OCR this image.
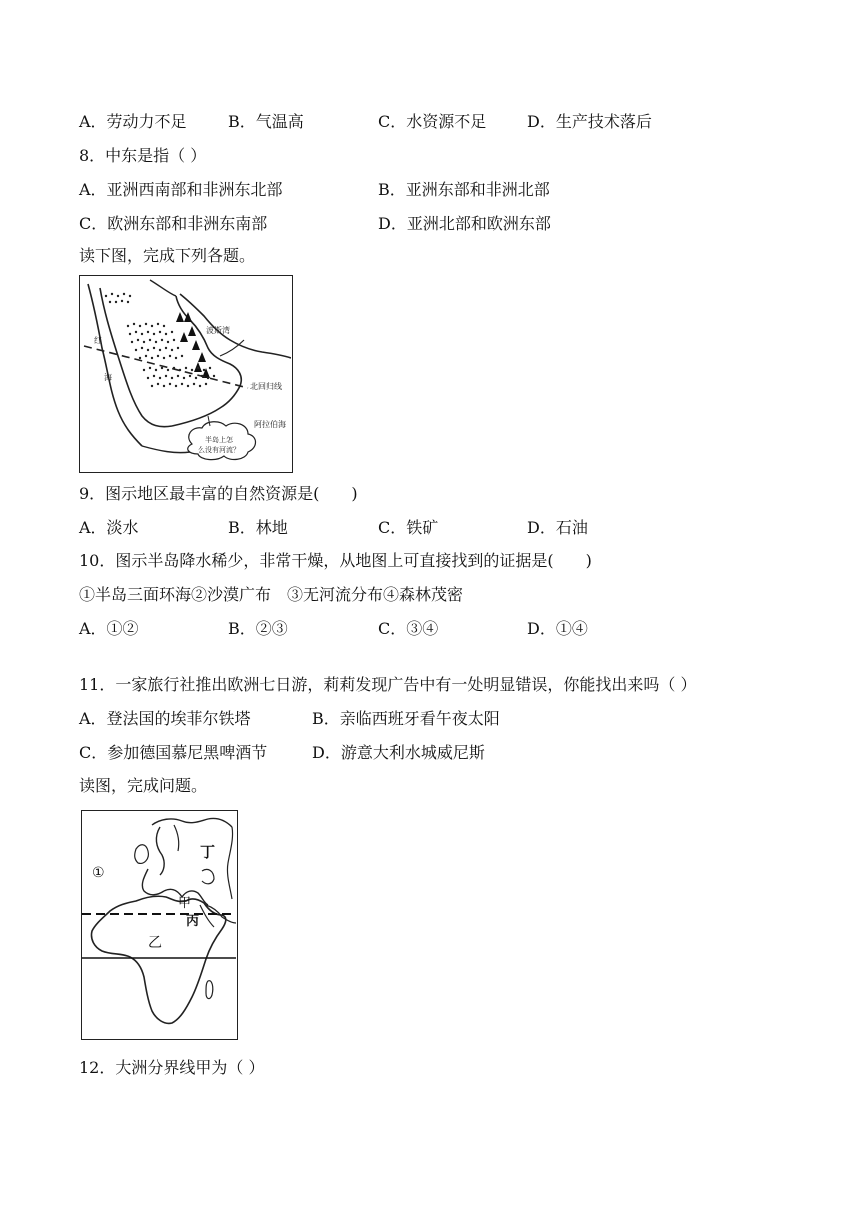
A．劳动力不足	B．气温高	C．水资源不足	D．生产技术落后
8．中东是指（ ）
A．亚洲西南部和非洲东北部	B．亚洲东部和非洲北部
C．欧洲东部和非洲东南部	D．亚洲北部和欧洲东部
读下图，完成下列各题。
波斯湾
红
海
北回归线
阿拉伯海
半岛上怎
么没有河流？
9．图示地区最丰富的自然资源是(　　)
A．淡水	B．林地	C．铁矿	D．石油
10．图示半岛降水稀少，非常干燥，从地图上可直接找到的证据是(　　)
①半岛三面环海②沙漠广布　③无河流分布④森林茂密
A．①②	B．②③	C．③④	D．①④
11．一家旅行社推出欧洲七日游，莉莉发现广告中有一处明显错误，你能找出来吗（ ）
A．登法国的埃菲尔铁塔	B．亲临西班牙看午夜太阳
C．参加德国慕尼黑啤酒节	D．游意大利水城威尼斯
读图，完成问题。
丁
①
甲
丙
乙
12．大洲分界线甲为（ ）
